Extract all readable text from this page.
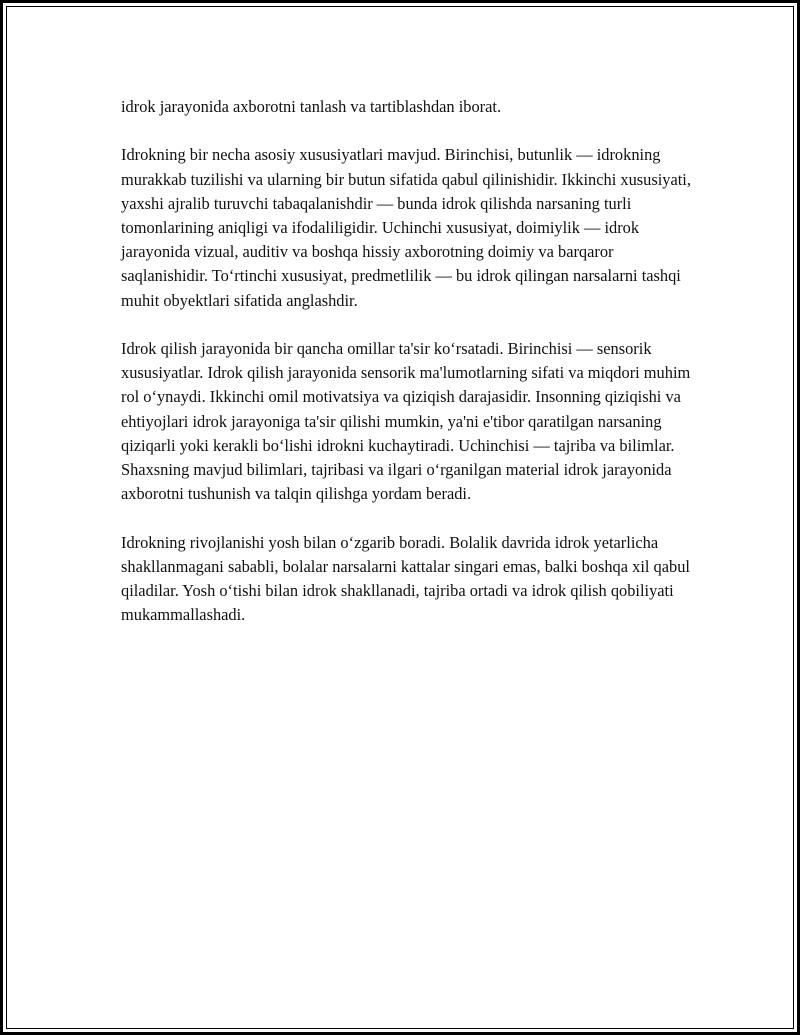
idrok jarayonida axborotni tanlash va tartiblashdan iborat.

Idrokning bir necha asosiy xususiyatlari mavjud. Birinchisi, butunlik — idrokning murakkab tuzilishi va ularning bir butun sifatida qabul qilinishidir. Ikkinchi xususiyati, yaxshi ajralib turuvchi tabaqalanishdir — bunda idrok qilishda narsaning turli tomonlarining aniqligi va ifodaliligidir. Uchinchi xususiyat, doimiylik — idrok jarayonida vizual, auditiv va boshqa hissiy axborotning doimiy va barqaror saqlanishidir. To‘rtinchi xususiyat, predmetlilik — bu idrok qilingan narsalarni tashqi muhit obyektlari sifatida anglashdir.

Idrok qilish jarayonida bir qancha omillar ta'sir ko‘rsatadi. Birinchisi — sensorik xususiyatlar. Idrok qilish jarayonida sensorik ma'lumotlarning sifati va miqdori muhim rol o‘ynaydi. Ikkinchi omil motivatsiya va qiziqish darajasidir. Insonning qiziqishi va ehtiyojlari idrok jarayoniga ta'sir qilishi mumkin, ya'ni e'tibor qaratilgan narsaning qiziqarli yoki kerakli bo‘lishi idrokni kuchaytiradi. Uchinchisi — tajriba va bilimlar. Shaxsning mavjud bilimlari, tajribasi va ilgari o‘rganilgan material idrok jarayonida axborotni tushunish va talqin qilishga yordam beradi.

Idrokning rivojlanishi yosh bilan o‘zgarib boradi. Bolalik davrida idrok yetarlicha shakllanmagani sababli, bolalar narsalarni kattalar singari emas, balki boshqa xil qabul qiladilar. Yosh o‘tishi bilan idrok shakllanadi, tajriba ortadi va idrok qilish qobiliyati mukammallashadi.
